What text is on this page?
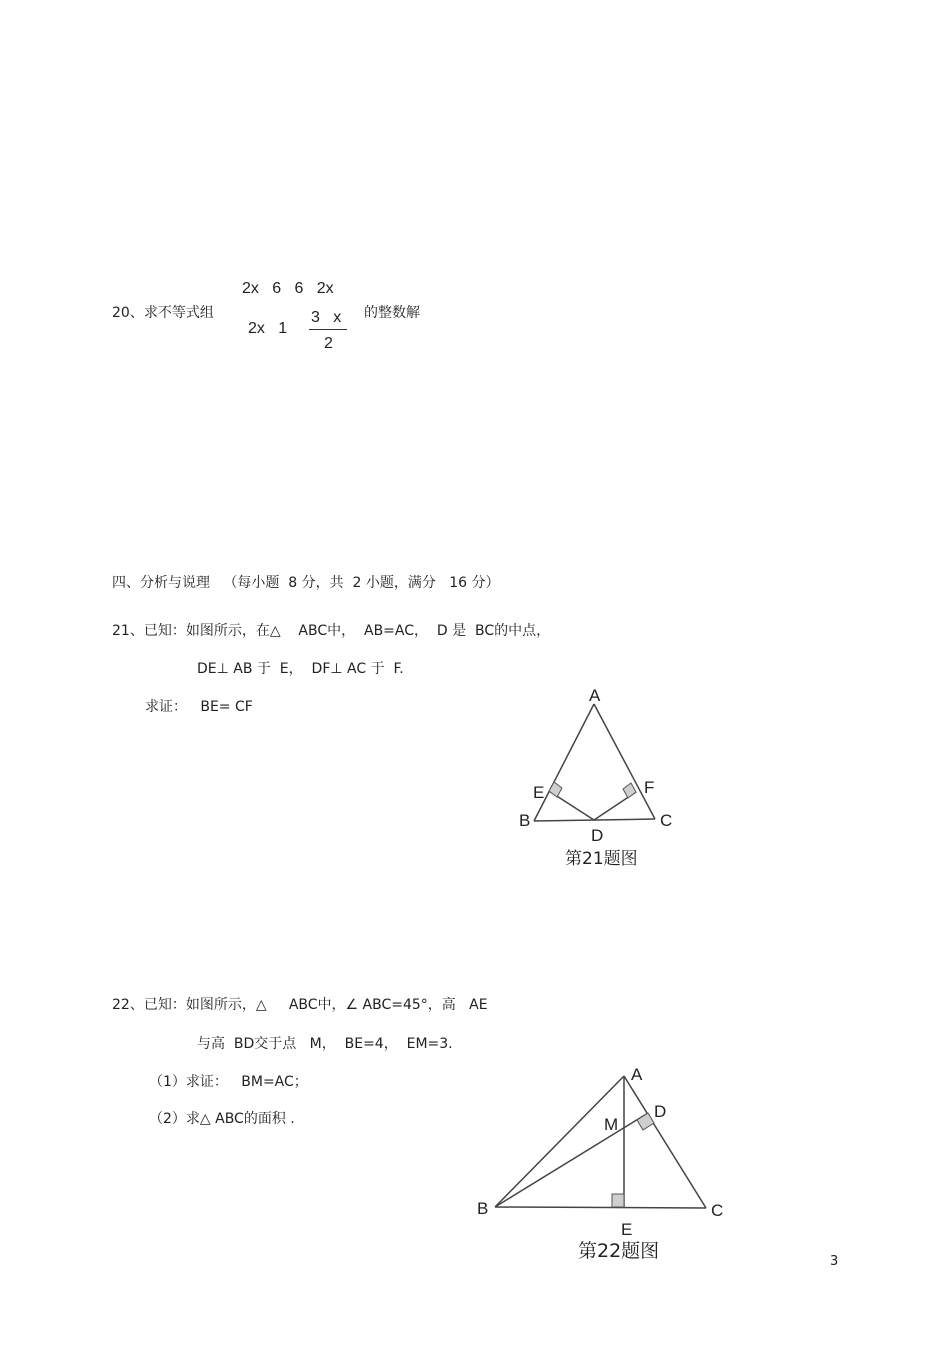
20、求不等式组
2x   6   6   2x
2x   1
3   x
2
的整数解
四、分析与说理   （每小题  8 分，共  2 小题，满分   16 分）
21、已知：如图所示，在△    ABC中，  AB=AC，  D 是  BC的中点，
DE⊥ AB 于  E，  DF⊥ AC 于  F.
求证：   BE= CF
A
E	F
B	C
D
第21题图
22、已知：如图所示，△     ABC中，∠ ABC=45°，高   AE
与高  BD交于点   M，  BE=4，  EM=3.
（1）求证：   BM=AC；
（2）求△ ABC的面积 .
A
D
M
B	C
E
第22题图	3
